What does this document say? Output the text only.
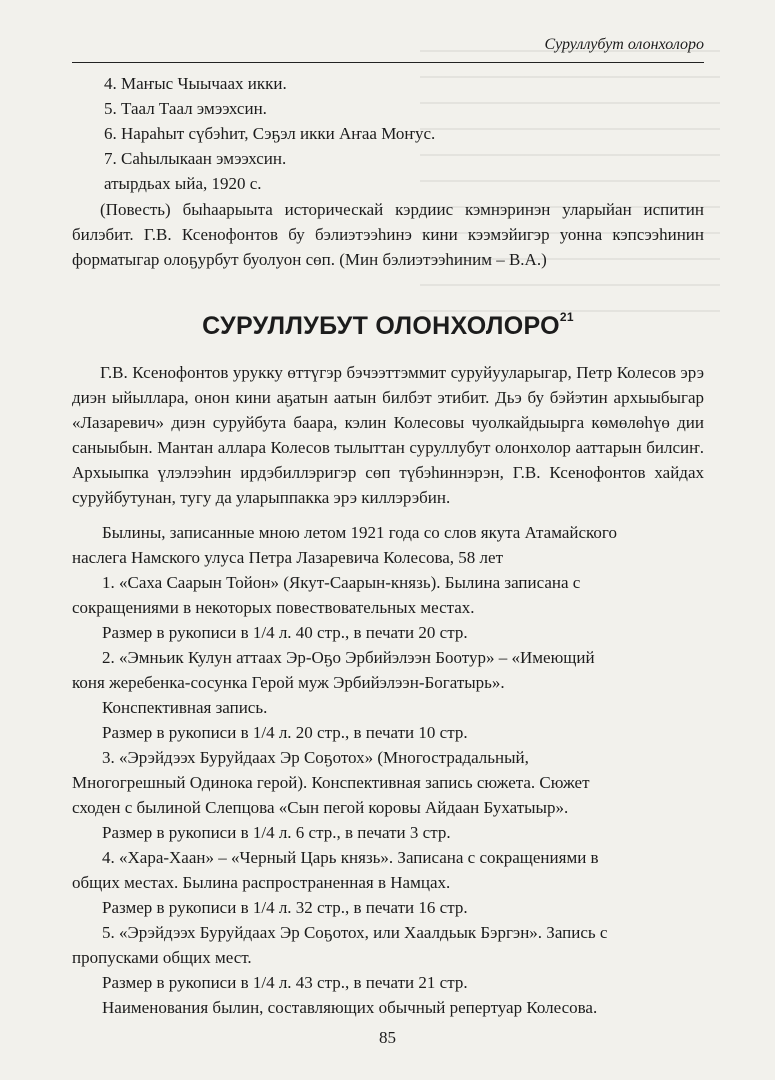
Суруллубут олонхолоро
4. Маҥыс Чыычаах икки.
5. Таал Таал эмээхсин.
6. Нараһыт сүбэһит, Сэҕэл икки Аҥаа Моҥус.
7. Саһылыкаан эмээхсин.
атырдьах ыйа, 1920 с.
(Повесть) быһаарыыта историческай кэрдиис кэмнэринэн уларыйан испитин билэбит. Г.В. Ксенофонтов бу бэлиэтээһинэ кини кээмэйигэр уонна кэпсээһинин форматыгар олоҕурбут буолуон сөп. (Мин бэлиэтээһиним – В.А.)
СУРУЛЛУБУТ ОЛОНХОЛОРО$^{21}$
Г.В. Ксенофонтов урукку өттүгэр бэчээттэммит суруйууларыгар, Петр Колесов эрэ диэн ыйыллара, онон кини аҕатын аатын билбэт этибит. Дьэ бу бэйэтин архыыбыгар «Лазаревич» диэн суруйбута баара, кэлин Колесовы чуолкайдыырга көмөлөһүө дии саныыбын. Мантан аллара Колесов тылыттан суруллубут олонхолор ааттарын билсиҥ. Архыыпка үлэлээһин ирдэбиллэригэр сөп түбэһиннэрэн, Г.В. Ксенофонтов хайдах суруйбутунан, тугу да уларыппакка эрэ киллэрэбин.
Былины, записанные мною летом 1921 года со слов якута Атамайского
наслега Намского улуса Петра Лазаревича Колесова, 58 лет
1. «Саха Саарын Тойон» (Якут-Саарын-князь). Былина записана с
сокращениями в некоторых повествовательных местах.
Размер в рукописи в 1/4 л. 40 стр., в печати 20 стр.
2. «Эмньик Кулун аттаах Эр-Оҕо Эрбийэлээн Боотур» – «Имеющий
коня жеребенка-сосунка Герой муж Эрбийэлээн-Богатырь».
Конспективная запись.
Размер в рукописи в 1/4 л. 20 стр., в печати 10 стр.
3. «Эрэйдээх Буруйдаах Эр Соҕотох» (Многострадальный,
Многогрешный Одинока герой). Конспективная запись сюжета. Сюжет
сходен с былиной Слепцова «Сын пегой коровы Айдаан Бухатыыр».
Размер в рукописи в 1/4 л. 6 стр., в печати 3 стр.
4. «Хара-Хаан» – «Черный Царь князь». Записана с сокращениями в
общих местах. Былина распространенная в Намцах.
Размер в рукописи в 1/4 л. 32 стр., в печати 16 стр.
5. «Эрэйдээх Буруйдаах Эр Соҕотох, или Хаалдьык Бэргэн». Запись с
пропусками общих мест.
Размер в рукописи в 1/4 л. 43 стр., в печати 21 стр.
Наименования былин, составляющих обычный репертуар Колесова.
85
